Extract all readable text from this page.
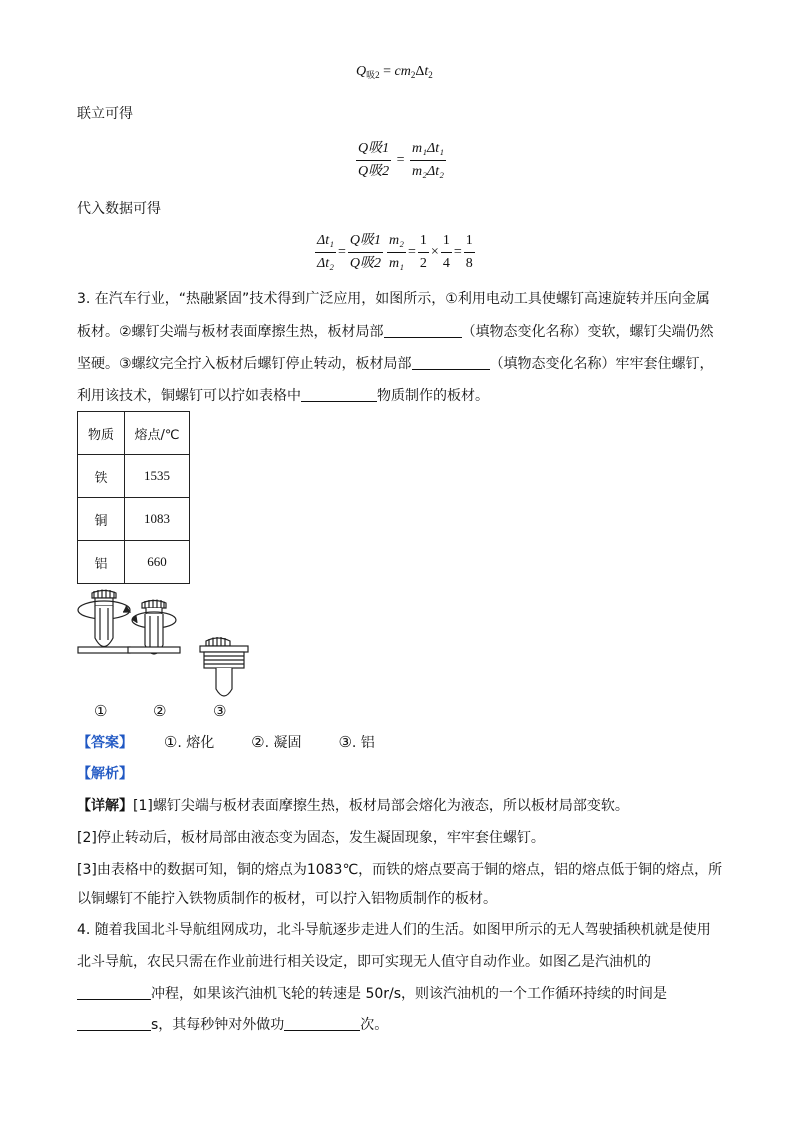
$Q_{吸2} = cm_2\Delta t_2$
联立可得
$\frac{\text{Q吸1}}{\text{Q吸2}} = \frac{\text{m₁Δt₁}}{\text{m₂Δt₂}}$
代入数据可得
$\frac{\text{Δt₁}}{\text{Δt₂}} = \frac{\text{Q吸1}}{\text{Q吸2}} \frac{\text{m₂}}{\text{m₁}} = \frac{1}{2} \times \frac{1}{4} = \frac{1}{8}$
3. 在汽车行业，“热融紧固”技术得到广泛应用，如图所示，①利用电动工具使螺钉高速旋转并压向金属
板材。②螺钉尖端与板材表面摩擦生热，板材局部	（填物态变化名称）变软，螺钉尖端仍然
坚硬。③螺纹完全拧入板材后螺钉停止转动，板材局部	（填物态变化名称）牢牢套住螺钉，
利用该技术，铜螺钉可以拧如表格中	物质制作的板材。
物质	熔点/℃
铁	1535
铜	1083
铝	660
①	②	③
【答案】 ①. 熔化 ②. 凝固 ③. 铝
【解析】
【详解】[1]螺钉尖端与板材表面摩擦生热，板材局部会熔化为液态，所以板材局部变软。
[2]停止转动后，板材局部由液态变为固态，发生凝固现象，牢牢套住螺钉。
[3]由表格中的数据可知，铜的熔点为1083℃，而铁的熔点要高于铜的熔点，铝的熔点低于铜的熔点，所
以铜螺钉不能拧入铁物质制作的板材，可以拧入铝物质制作的板材。
4. 随着我国北斗导航组网成功，北斗导航逐步走进人们的生活。如图甲所示的无人驾驶插秧机就是使用
北斗导航，农民只需在作业前进行相关设定，即可实现无人值守自动作业。如图乙是汽油机的
冲程，如果该汽油机飞轮的转速是 50r/s，则该汽油机的一个工作循环持续的时间是
s，其每秒钟对外做功	次。
